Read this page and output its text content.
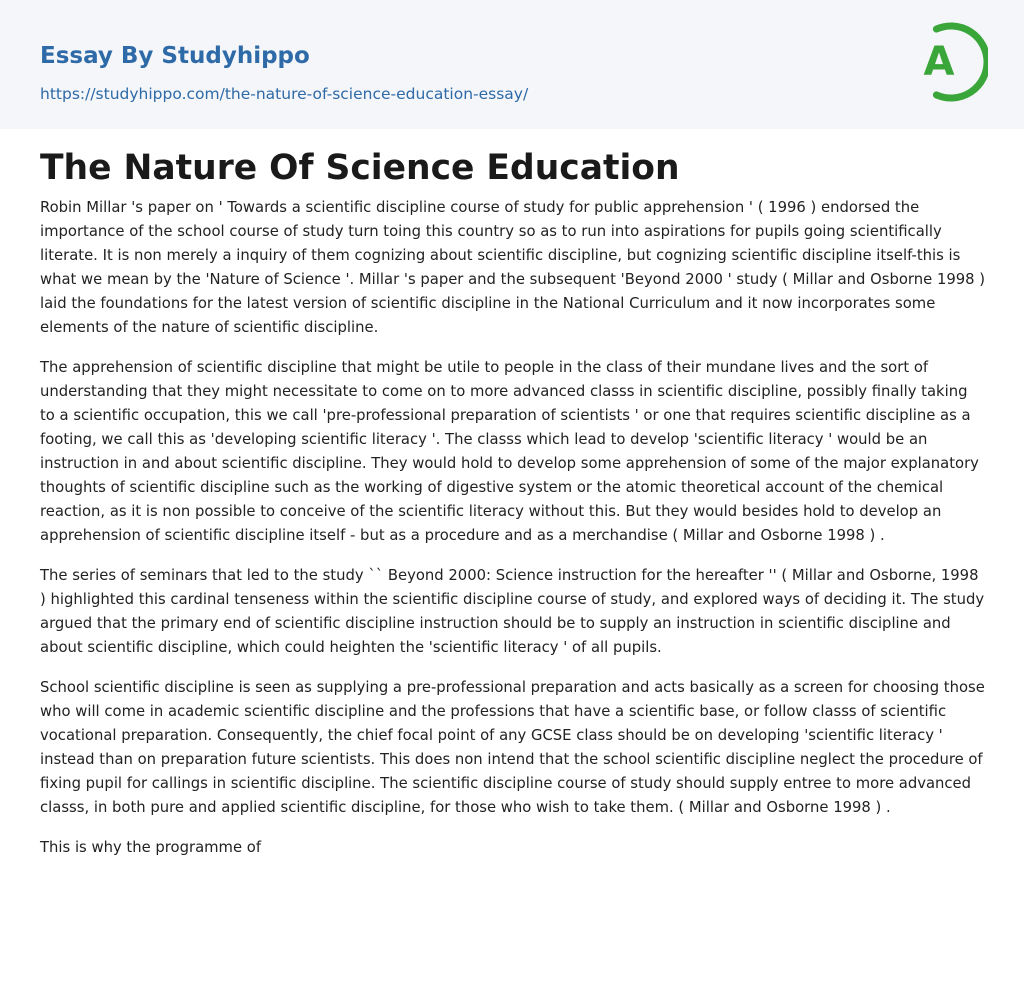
Essay By Studyhippo
https://studyhippo.com/the-nature-of-science-education-essay/
A
The Nature Of Science Education

Robin Millar 's paper on ' Towards a scientific discipline course of study for public apprehension ' ( 1996 ) endorsed the importance of the school course of study turn toing this country so as to run into aspirations for pupils going scientifically literate. It is non merely a inquiry of them cognizing about scientific discipline, but cognizing scientific discipline itself-this is what we mean by the 'Nature of Science '. Millar 's paper and the subsequent 'Beyond 2000 ' study ( Millar and Osborne 1998 ) laid the foundations for the latest version of scientific discipline in the National Curriculum and it now incorporates some elements of the nature of scientific discipline.

The apprehension of scientific discipline that might be utile to people in the class of their mundane lives and the sort of understanding that they might necessitate to come on to more advanced classs in scientific discipline, possibly finally taking to a scientific occupation, this we call 'pre-professional preparation of scientists ' or one that requires scientific discipline as a footing, we call this as 'developing scientific literacy '. The classs which lead to develop 'scientific literacy ' would be an instruction in and about scientific discipline. They would hold to develop some apprehension of some of the major explanatory thoughts of scientific discipline such as the working of digestive system or the atomic theoretical account of the chemical reaction, as it is non possible to conceive of the scientific literacy without this. But they would besides hold to develop an apprehension of scientific discipline itself - but as a procedure and as a merchandise ( Millar and Osborne 1998 ) .

The series of seminars that led to the study `` Beyond 2000: Science instruction for the hereafter '' ( Millar and Osborne, 1998 ) highlighted this cardinal tenseness within the scientific discipline course of study, and explored ways of deciding it. The study argued that the primary end of scientific discipline instruction should be to supply an instruction in scientific discipline and about scientific discipline, which could heighten the 'scientific literacy ' of all pupils.

School scientific discipline is seen as supplying a pre-professional preparation and acts basically as a screen for choosing those who will come in academic scientific discipline and the professions that have a scientific base, or follow classs of scientific vocational preparation. Consequently, the chief focal point of any GCSE class should be on developing 'scientific literacy ' instead than on preparation future scientists. This does non intend that the school scientific discipline neglect the procedure of fixing pupil for callings in scientific discipline. The scientific discipline course of study should supply entree to more advanced classs, in both pure and applied scientific discipline, for those who wish to take them. ( Millar and Osborne 1998 ) .

This is why the programme of
